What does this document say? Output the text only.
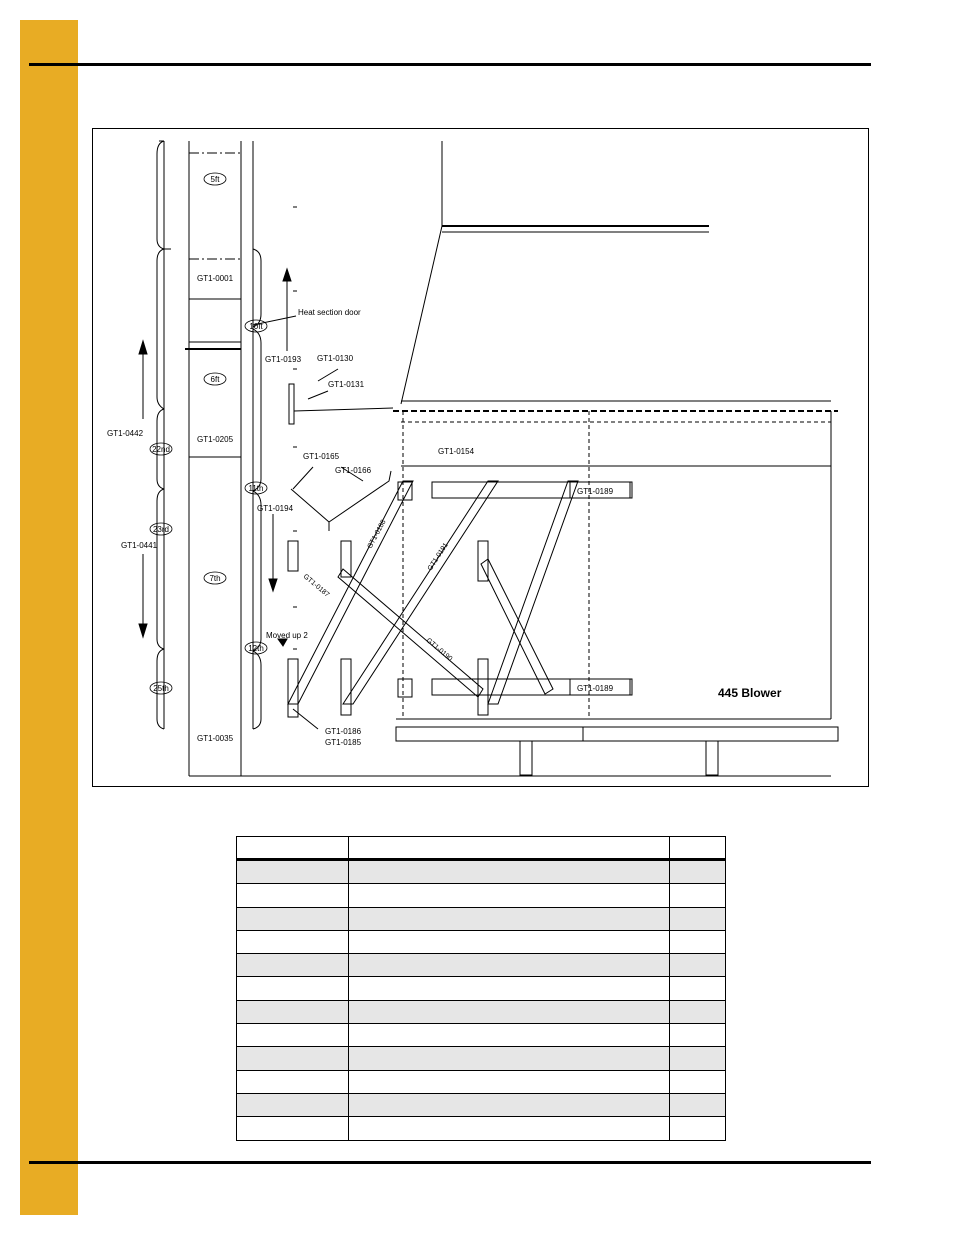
5ft
10ft
6ft
22nd
11th
23rd
7th
12th
25th
GT1-0001
GT1-0205
GT1-0035
GT1-0442
GT1-0441
GT1-0193
GT1-0194
Heat section door
Moved up 2
445 Blower
GT1-0130
GT1-0131
GT1-0165
GT1-0166
GT1-0154
GT1-0188
GT1-0191
GT1-0187
GT1-0190
GT1-0189
GT1-0189
GT1-0186
GT1-0185
